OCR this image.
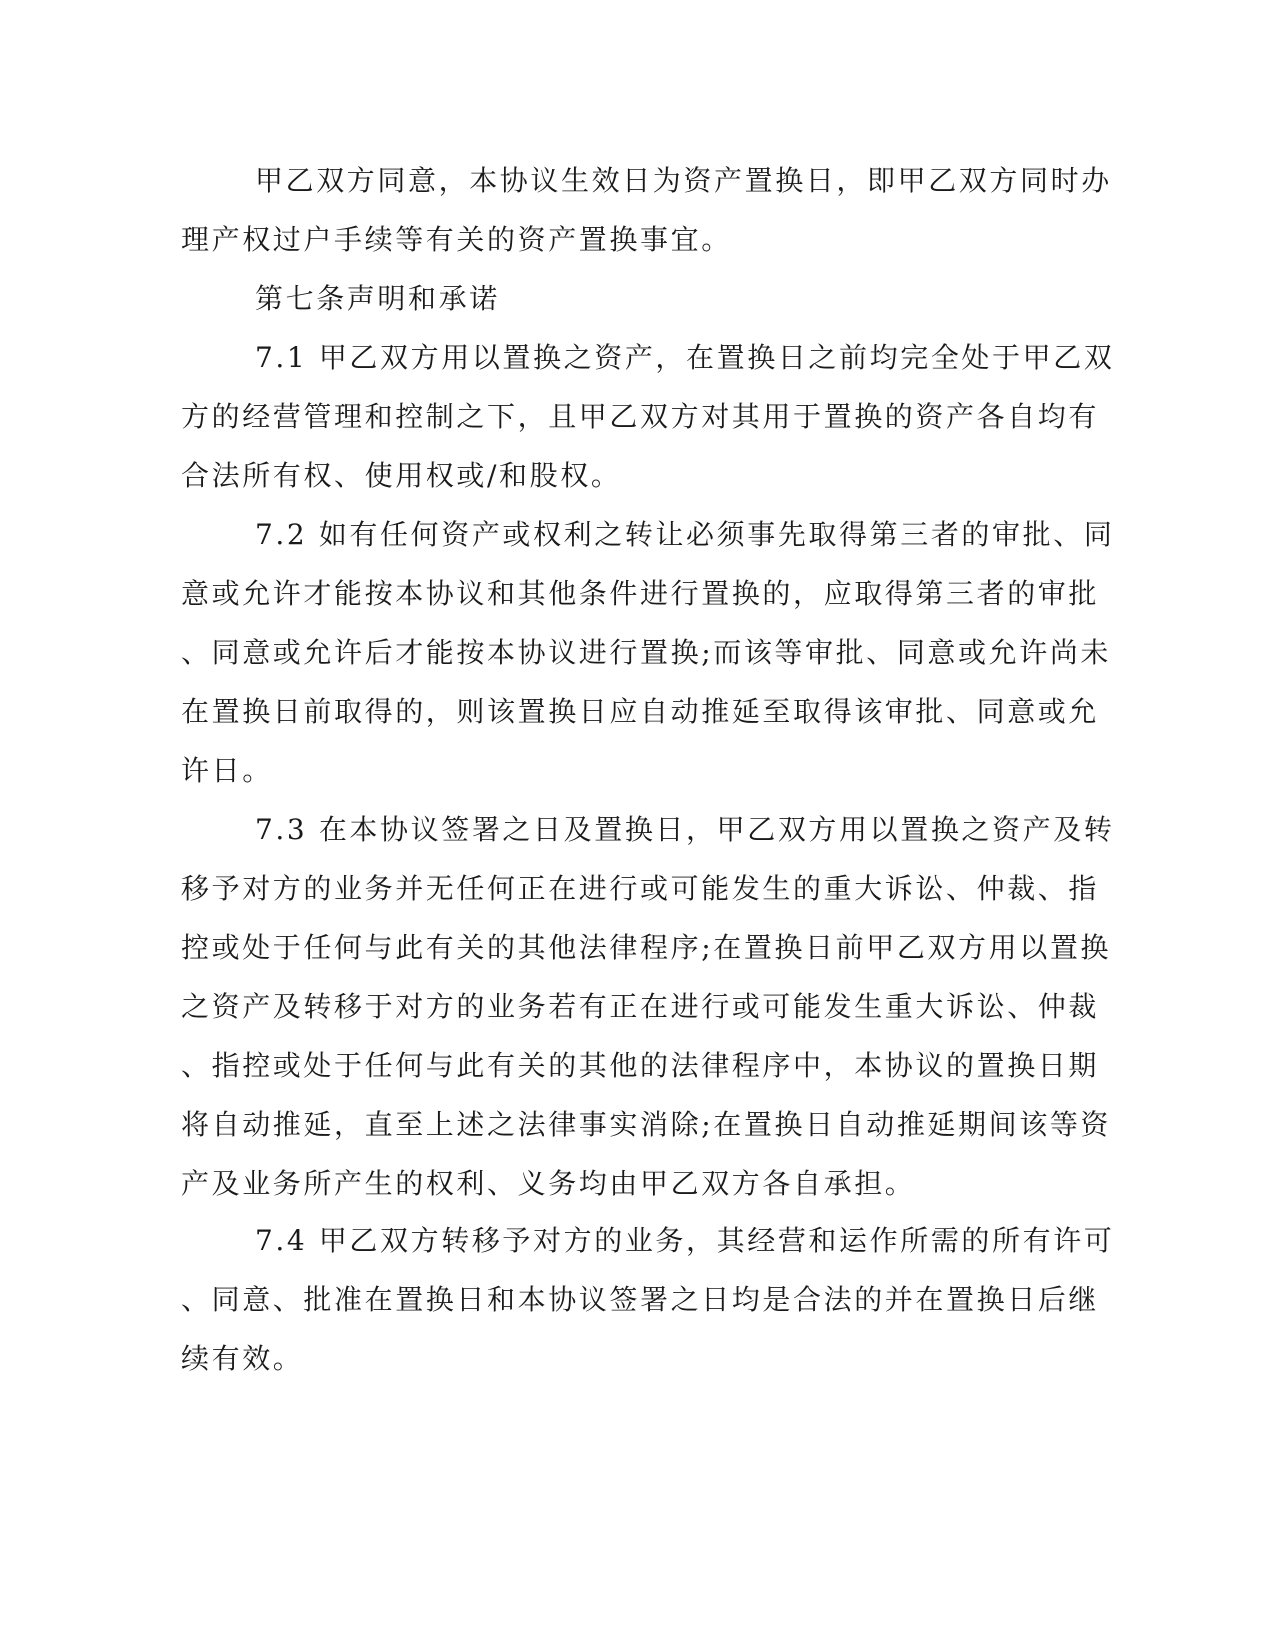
甲乙双方同意，本协议生效日为资产置换日，即甲乙双方同时办
理产权过户手续等有关的资产置换事宜。
第七条声明和承诺
7.1 甲乙双方用以置换之资产，在置换日之前均完全处于甲乙双
方的经营管理和控制之下，且甲乙双方对其用于置换的资产各自均有
合法所有权、使用权或/和股权。
7.2 如有任何资产或权利之转让必须事先取得第三者的审批、同
意或允许才能按本协议和其他条件进行置换的，应取得第三者的审批
、同意或允许后才能按本协议进行置换;而该等审批、同意或允许尚未
在置换日前取得的，则该置换日应自动推延至取得该审批、同意或允
许日。
7.3 在本协议签署之日及置换日，甲乙双方用以置换之资产及转
移予对方的业务并无任何正在进行或可能发生的重大诉讼、仲裁、指
控或处于任何与此有关的其他法律程序;在置换日前甲乙双方用以置换
之资产及转移于对方的业务若有正在进行或可能发生重大诉讼、仲裁
、指控或处于任何与此有关的其他的法律程序中，本协议的置换日期
将自动推延，直至上述之法律事实消除;在置换日自动推延期间该等资
产及业务所产生的权利、义务均由甲乙双方各自承担。
7.4 甲乙双方转移予对方的业务，其经营和运作所需的所有许可
、同意、批准在置换日和本协议签署之日均是合法的并在置换日后继
续有效。
